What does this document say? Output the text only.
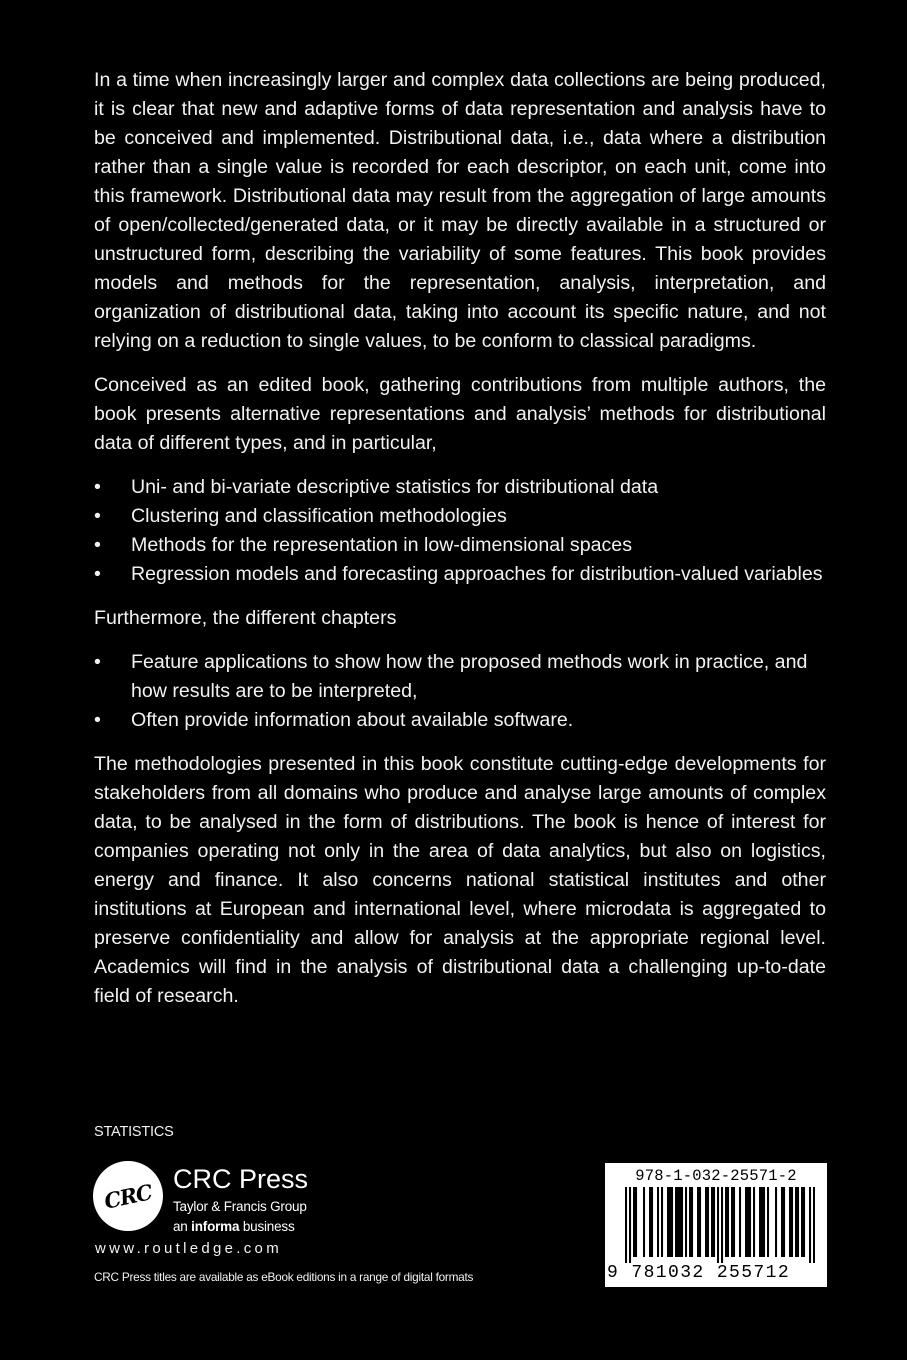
In a time when increasingly larger and complex data collections are being produced, it is clear that new and adaptive forms of data representation and analysis have to be conceived and implemented. Distributional data, i.e., data where a distribution rather than a single value is recorded for each descriptor, on each unit, come into this framework. Distributional data may result from the aggregation of large amounts of open/collected/generated data, or it may be directly available in a structured or unstructured form, describing the variability of some features. This book provides models and methods for the representation, analysis, interpretation, and organization of distributional data, taking into account its specific nature, and not relying on a reduction to single values, to be conform to classical paradigms.

Conceived as an edited book, gathering contributions from multiple authors, the book presents alternative representations and analysis’ methods for distributional data of different types, and in particular,

• Uni- and bi-variate descriptive statistics for distributional data
• Clustering and classification methodologies
• Methods for the representation in low-dimensional spaces
• Regression models and forecasting approaches for distribution-valued variables

Furthermore, the different chapters

• Feature applications to show how the proposed methods work in practice, and how results are to be interpreted,
• Often provide information about available software.

The methodologies presented in this book constitute cutting-edge developments for stakeholders from all domains who produce and analyse large amounts of complex data, to be analysed in the form of distributions. The book is hence of interest for companies operating not only in the area of data analytics, but also on logistics, energy and finance. It also concerns national statistical institutes and other institutions at European and international level, where microdata is aggregated to preserve confidentiality and allow for analysis at the appropriate regional level. Academics will find in the analysis of distributional data a challenging up-to-date field of research.

STATISTICS
CRC CRC Press
Taylor & Francis Group
an informa business
www.routledge.com
CRC Press titles are available as eBook editions in a range of digital formats
978-1-032-25571-2
9 781032 255712
